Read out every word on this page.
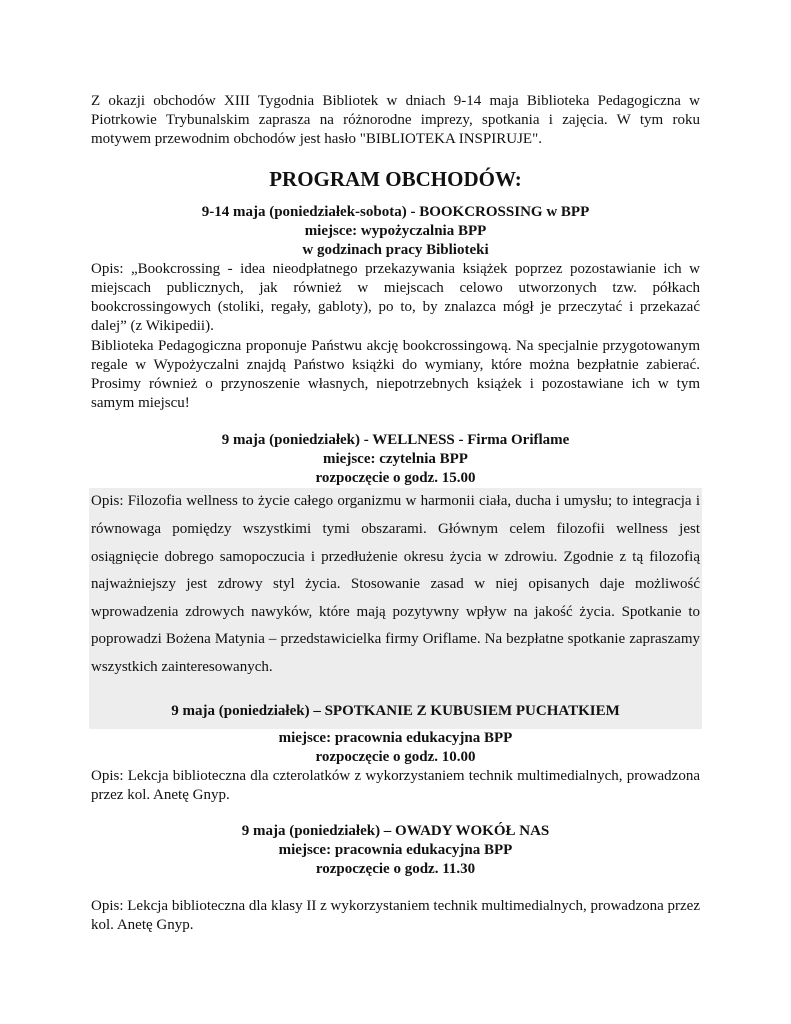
Z okazji obchodów XIII Tygodnia Bibliotek w dniach 9-14 maja Biblioteka Pedagogiczna w Piotrkowie Trybunalskim zaprasza na różnorodne imprezy, spotkania i zajęcia. W tym roku motywem przewodnim obchodów jest hasło "BIBLIOTEKA INSPIRUJE".

PROGRAM OBCHODÓW:

9-14 maja (poniedziałek-sobota) - BOOKCROSSING w BPP

miejsce: wypożyczalnia BPP

w godzinach pracy Biblioteki

Opis: „Bookcrossing - idea nieodpłatnego przekazywania książek poprzez pozostawianie ich w miejscach publicznych, jak również w miejscach celowo utworzonych tzw. półkach bookcrossingowych (stoliki, regały, gabloty), po to, by znalazca mógł je przeczytać i przekazać dalej” (z Wikipedii).

Biblioteka Pedagogiczna proponuje Państwu akcję bookcrossingową. Na specjalnie przygotowanym regale w Wypożyczalni znajdą Państwo książki do wymiany, które można bezpłatnie zabierać. Prosimy również o przynoszenie własnych, niepotrzebnych książek i pozostawiane ich w tym samym miejscu!

9 maja (poniedziałek) - WELLNESS - Firma Oriflame

miejsce: czytelnia BPP

rozpoczęcie o godz. 15.00

Opis: Filozofia wellness to życie całego organizmu w harmonii ciała, ducha i umysłu; to integracja i równowaga pomiędzy wszystkimi tymi obszarami. Głównym celem filozofii wellness jest osiągnięcie dobrego samopoczucia i przedłużenie okresu życia w zdrowiu. Zgodnie z tą filozofią najważniejszy jest zdrowy styl życia. Stosowanie zasad w niej opisanych daje możliwość wprowadzenia zdrowych nawyków, które mają pozytywny wpływ na jakość życia. Spotkanie to poprowadzi Bożena Matynia – przedstawicielka firmy Oriflame. Na bezpłatne spotkanie zapraszamy wszystkich zainteresowanych.

9 maja (poniedziałek) – SPOTKANIE Z KUBUSIEM PUCHATKIEM

miejsce: pracownia edukacyjna BPP

rozpoczęcie o godz. 10.00

Opis: Lekcja biblioteczna dla czterolatków z wykorzystaniem technik multimedialnych, prowadzona przez kol. Anetę Gnyp.

9 maja (poniedziałek) – OWADY WOKÓŁ NAS

miejsce: pracownia edukacyjna BPP

rozpoczęcie o godz. 11.30

Opis: Lekcja biblioteczna dla klasy II z wykorzystaniem technik multimedialnych, prowadzona przez kol. Anetę Gnyp.
